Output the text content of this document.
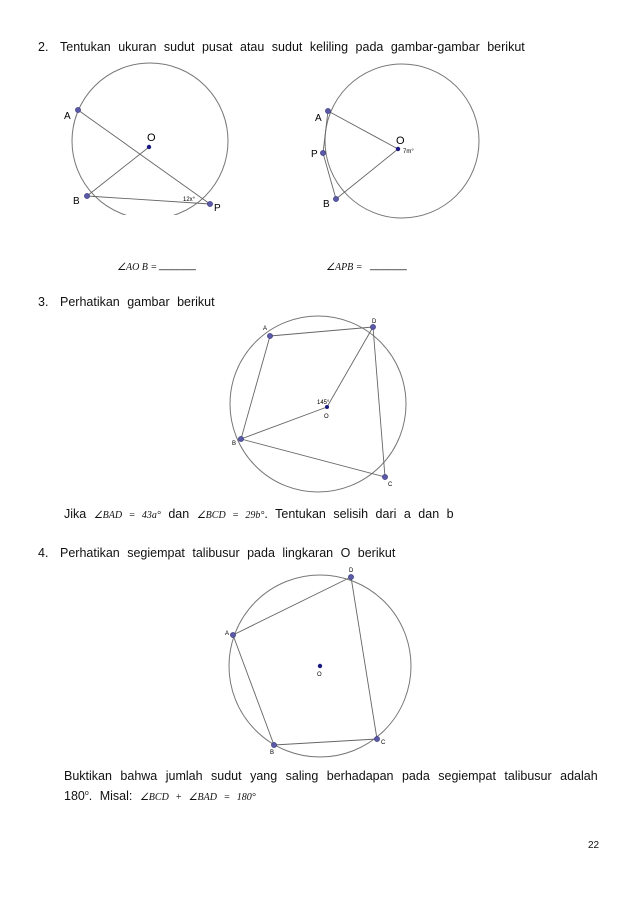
2. Tentukan ukuran sudut pusat atau sudut keliling pada gambar-gambar berikut
A
O
B
P
12x°
A
O
P
B
7m°
∠AO B = ______	∠APB = ______
3. Perhatikan gambar berikut
A
D
C
B
O
145°
Jika ∠BAD = 43a° dan ∠BCD = 29b°. Tentukan selisih dari a dan b
4. Perhatikan segiempat talibusur pada lingkaran O berikut
A
D
C
B
O
Buktikan bahwa jumlah sudut yang saling berhadapan pada segiempat talibusur adalah
180$^o$. Misal: ∠BCD + ∠BAD = 180°
22
